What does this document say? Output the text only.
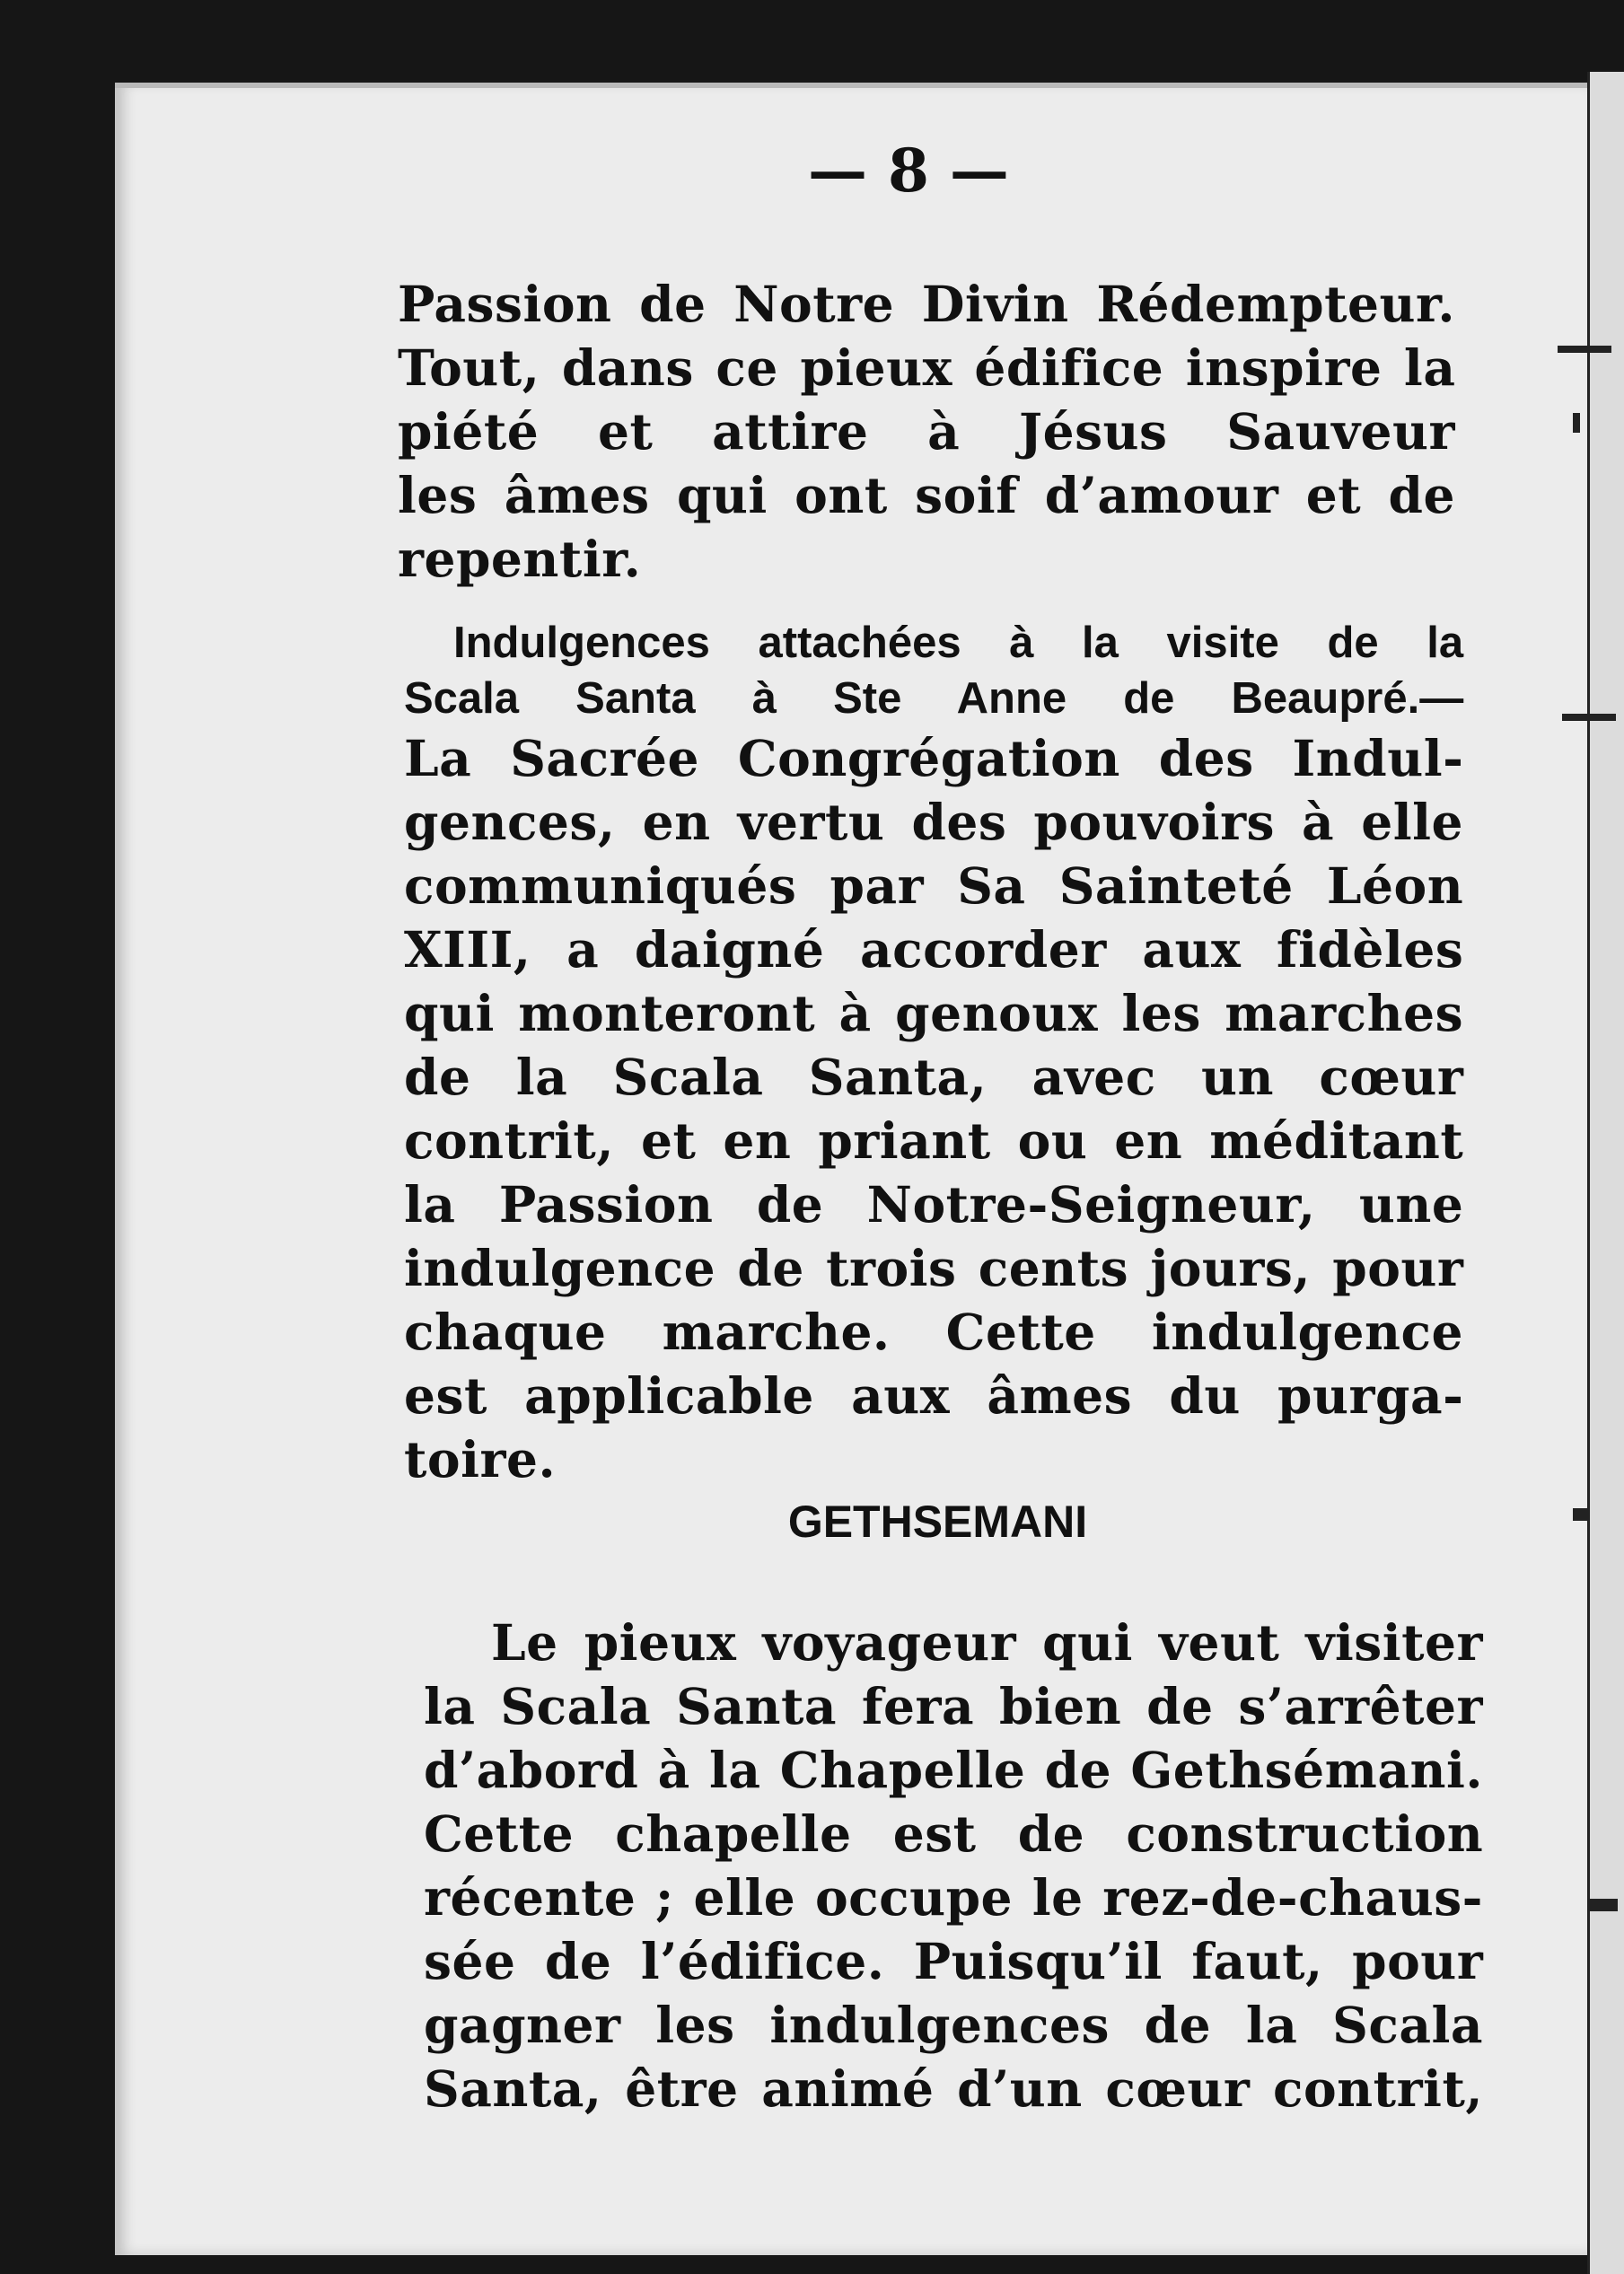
— 8 —
Passion de Notre Divin Rédempteur.
Tout, dans ce pieux édifice inspire la
piété et attire à Jésus Sauveur
les âmes qui ont soif d’amour et de
repentir.
Indulgences attachées à la visite de la
Scala Santa à Ste Anne de Beaupré.—
La Sacrée Congrégation des Indul-
gences, en vertu des pouvoirs à elle
communiqués par Sa Sainteté Léon
XIII, a daigné accorder aux fidèles
qui monteront à genoux les marches
de la Scala Santa, avec un cœur
contrit, et en priant ou en méditant
la Passion de Notre-Seigneur, une
indulgence de trois cents jours, pour
chaque marche. Cette indulgence
est applicable aux âmes du purga-
toire.
GETHSEMANI
Le pieux voyageur qui veut visiter
la Scala Santa fera bien de s’arrêter
d’abord à la Chapelle de Gethsémani.
Cette chapelle est de construction
récente ; elle occupe le rez-de-chaus-
sée de l’édifice. Puisqu’il faut, pour
gagner les indulgences de la Scala
Santa, être animé d’un cœur contrit,
